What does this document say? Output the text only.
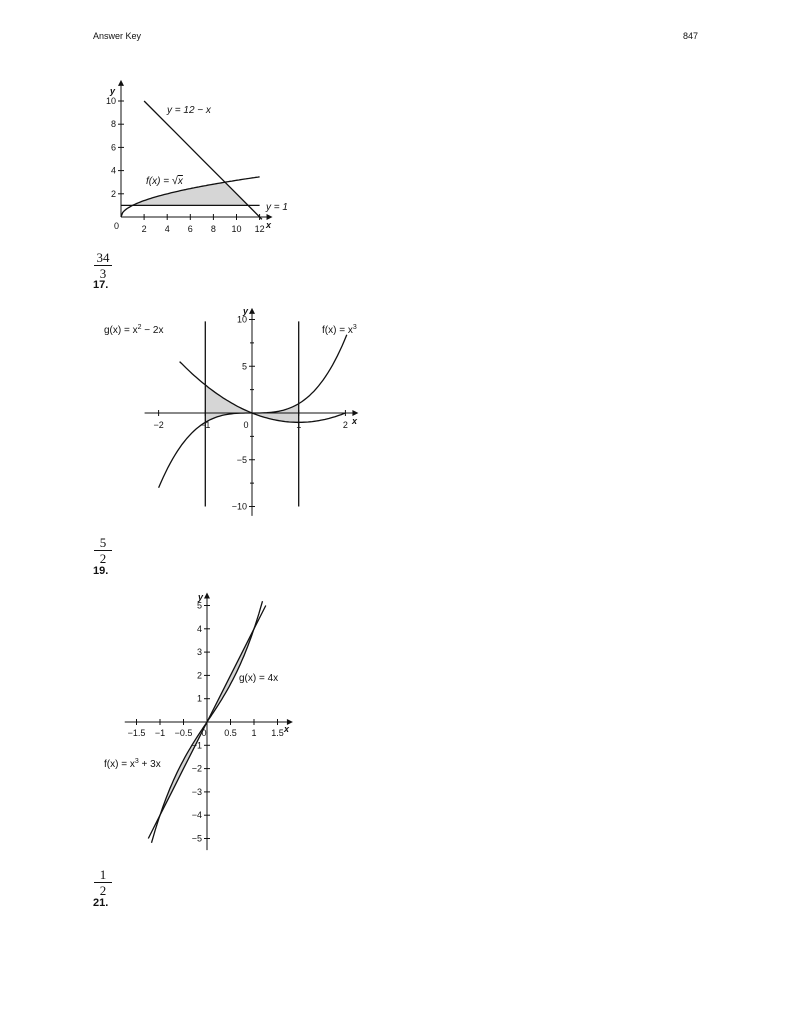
Answer Key	847
y
x
0	2 4 6 8 10 12
2
4
6
8
10
y = 12 − x
f(x) = √x
y = 1
$\frac{34}{3}$
17.
y
x
−2	−1	0	1	2
10
5
−5
−10
$g(x) = x^2 - 2x$	$f(x) = x^3$
$\frac{5}{2}$
19.
y
x
−1.5 −1 −0.5 0 0.5 1 1.5
5
4
3
2
1
−1
−2
−3
−4
−5
g(x) = 4x
$f(x) = x^3 + 3x$
$\frac{1}{2}$
21.
